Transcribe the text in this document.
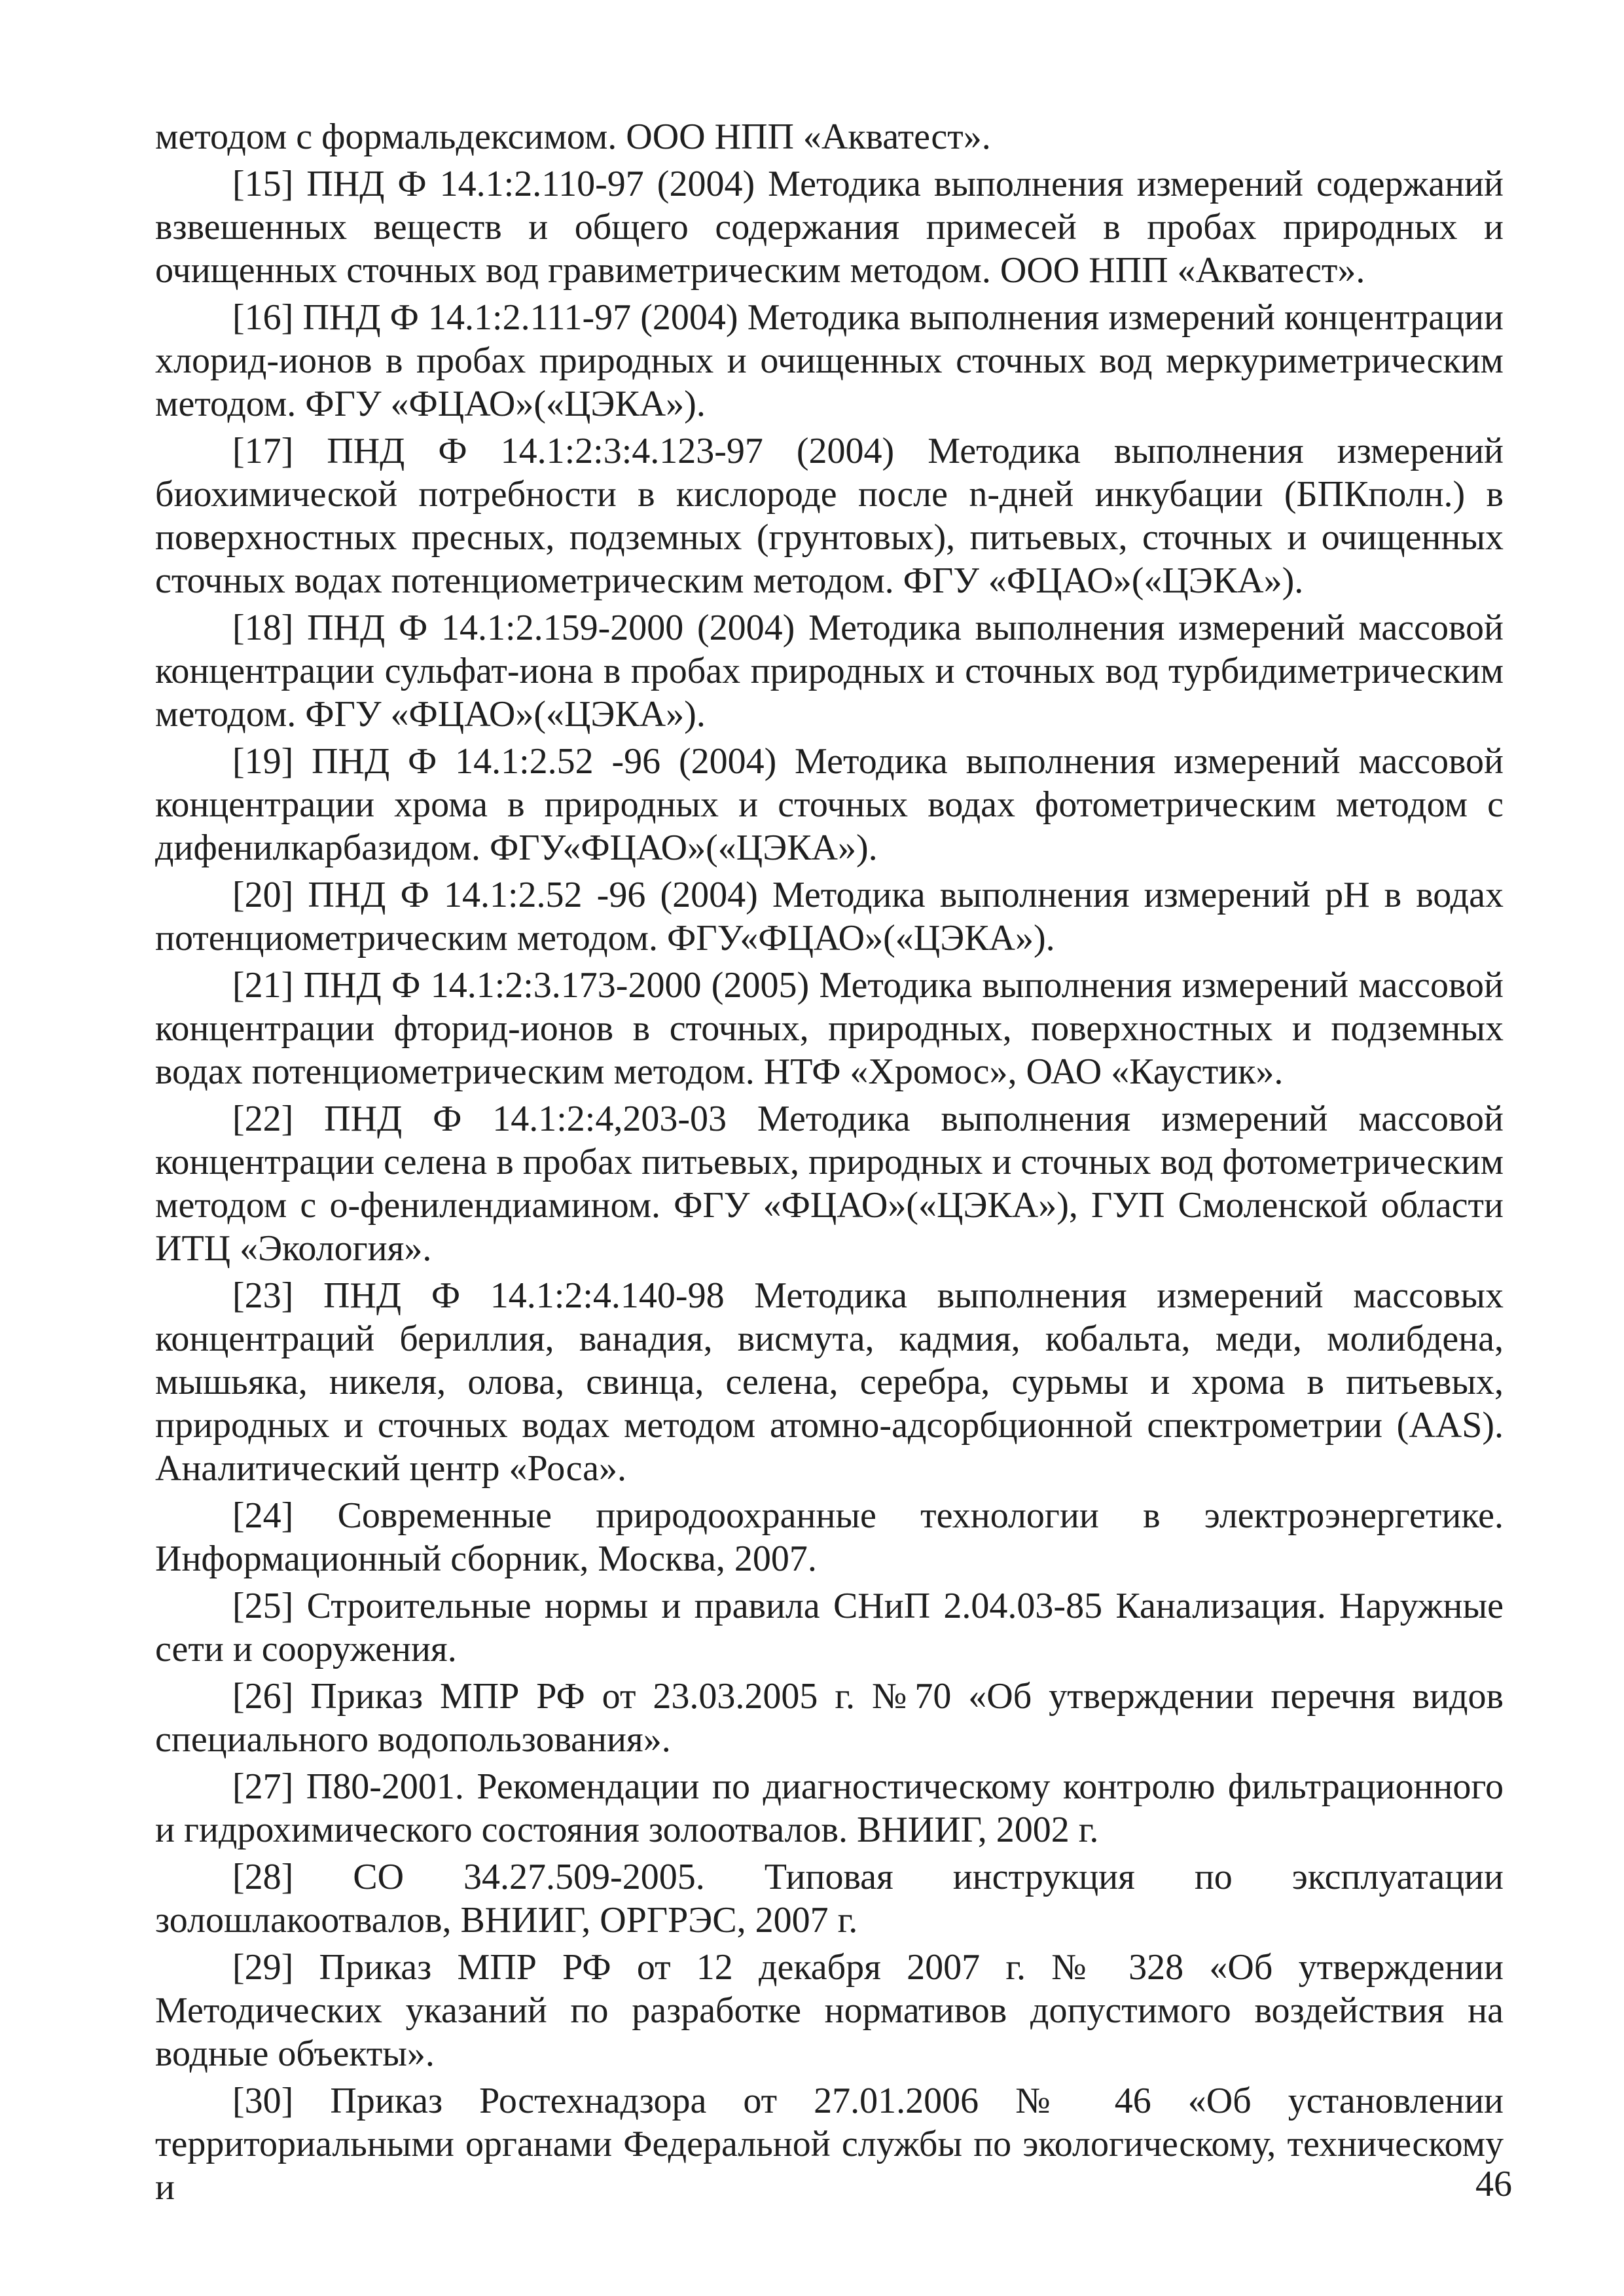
методом с формальдексимом. ООО НПП «Акватест».

[15] ПНД Ф 14.1:2.110-97 (2004) Методика выполнения измерений содержаний взвешенных веществ и общего содержания примесей в пробах природных и очищенных сточных вод гравиметрическим методом. ООО НПП «Акватест».

[16] ПНД Ф 14.1:2.111-97 (2004) Методика выполнения измерений концентрации хлорид-ионов в пробах природных и очищенных сточных вод меркуриметрическим методом. ФГУ «ФЦАО»(«ЦЭКА»).

[17] ПНД Ф 14.1:2:3:4.123-97 (2004) Методика выполнения измерений биохимической потребности в кислороде после n-дней инкубации (БПКполн.) в поверхностных пресных, подземных (грунтовых), питьевых, сточных и очищенных сточных водах потенциометрическим методом. ФГУ «ФЦАО»(«ЦЭКА»).

[18] ПНД Ф 14.1:2.159-2000 (2004) Методика выполнения измерений массовой концентрации сульфат-иона в пробах природных и сточных вод турбидиметрическим методом. ФГУ «ФЦАО»(«ЦЭКА»).

[19] ПНД Ф 14.1:2.52 -96 (2004) Методика выполнения измерений массовой концентрации хрома в природных и сточных водах фотометрическим методом с дифенилкарбазидом. ФГУ«ФЦАО»(«ЦЭКА»).

[20] ПНД Ф 14.1:2.52 -96 (2004) Методика выполнения измерений pH в водах потенциометрическим методом. ФГУ«ФЦАО»(«ЦЭКА»).

[21] ПНД Ф 14.1:2:3.173-2000 (2005) Методика выполнения измерений массовой концентрации фторид-ионов в сточных, природных, поверхностных и подземных водах потенциометрическим методом. НТФ «Хромос», ОАО «Каустик».

[22] ПНД Ф 14.1:2:4,203-03 Методика выполнения измерений массовой концентрации селена в пробах питьевых, природных и сточных вод фотометрическим методом с о-фенилендиамином. ФГУ «ФЦАО»(«ЦЭКА»), ГУП Смоленской области ИТЦ «Экология».

[23] ПНД Ф 14.1:2:4.140-98 Методика выполнения измерений массовых концентраций бериллия, ванадия, висмута, кадмия, кобальта, меди, молибдена, мышьяка, никеля, олова, свинца, селена, серебра, сурьмы и хрома в питьевых, природных и сточных водах методом атомно-адсорбционной спектрометрии (AAS). Аналитический центр «Роса».

[24] Современные природоохранные технологии в электроэнергетике. Информационный сборник, Москва, 2007.

[25] Строительные нормы и правила СНиП 2.04.03-85 Канализация. Наружные сети и сооружения.

[26] Приказ МПР РФ от 23.03.2005 г. №70 «Об утверждении перечня видов специального водопользования».

[27] П80-2001. Рекомендации по диагностическому контролю фильтрационного и гидрохимического состояния золоотвалов. ВНИИГ, 2002 г.

[28] СО 34.27.509-2005. Типовая инструкция по эксплуатации золошлакоотвалов, ВНИИГ, ОРГРЭС, 2007 г.

[29] Приказ МПР РФ от 12 декабря 2007 г. № 328 «Об утверждении Методических указаний по разработке нормативов допустимого воздействия на водные объекты».

[30] Приказ Ростехнадзора от 27.01.2006 № 46 «Об установлении территориальными органами Федеральной службы по экологическому, техническому и	46
